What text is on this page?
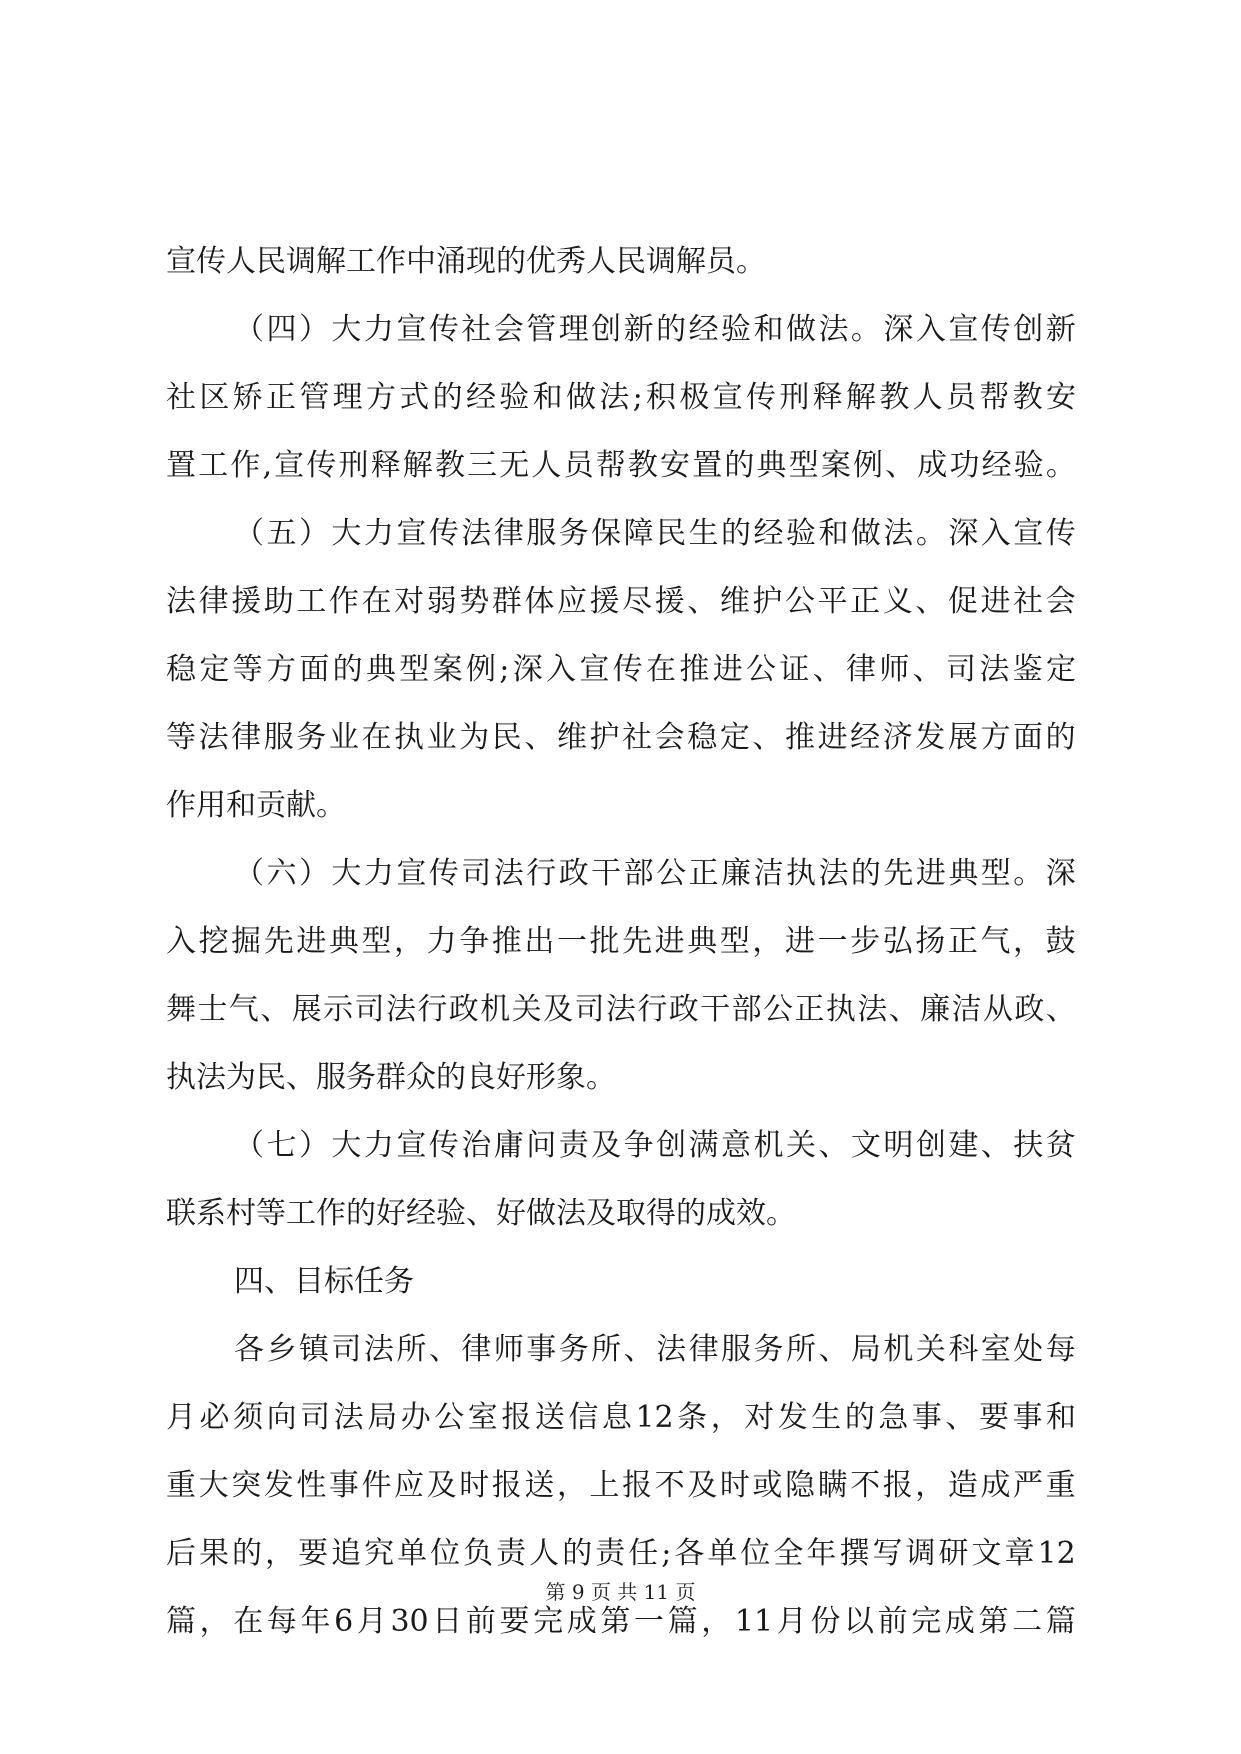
宣传人民调解工作中涌现的优秀人民调解员。
（ 四 ） 大 力 宣 传 社 会 管 理 创 新 的 经 验 和 做 法 。 深 入 宣 传 创 新
社 区 矫 正 管 理 方 式 的 经 验 和 做 法 ; 积 极 宣 传 刑 释 解 教 人 员 帮 教 安
置 工 作 , 宣 传 刑 释 解 教 三 无 人 员 帮 教 安 置 的 典 型 案 例 、 成 功 经 验 。
（ 五 ） 大 力 宣 传 法 律 服 务 保 障 民 生 的 经 验 和 做 法 。 深 入 宣 传
法 律 援 助 工 作 在 对 弱 势 群 体 应 援 尽 援 、 维 护 公 平 正 义 、 促 进 社 会
稳 定 等 方 面 的 典 型 案 例 ; 深 入 宣 传 在 推 进 公 证 、 律 师 、 司 法 鉴 定
等 法 律 服 务 业 在 执 业 为 民 、 维 护 社 会 稳 定 、 推 进 经 济 发 展 方 面 的
作用和贡献。
（ 六 ） 大 力 宣 传 司 法 行 政 干 部 公 正 廉 洁 执 法 的 先 进 典 型 。 深
入 挖 掘 先 进 典 型 ， 力 争 推 出 一 批 先 进 典 型 ， 进 一 步 弘 扬 正 气 ， 鼓
舞 士 气 、 展 示 司 法 行 政 机 关 及 司 法 行 政 干 部 公 正 执 法 、 廉 洁 从 政 、
执法为民、服务群众的良好形象。
（ 七 ） 大 力 宣 传 治 庸 问 责 及 争 创 满 意 机 关 、 文 明 创 建 、 扶 贫
联系村等工作的好经验、好做法及取得的成效。
四、目标任务
各 乡 镇 司 法 所 、 律 师 事 务 所 、 法 律 服 务 所 、 局 机 关 科 室 处 每
月 必 须 向 司 法 局 办 公 室 报 送 信 息 12 条 ， 对 发 生 的 急 事 、 要 事 和
重 大 突 发 性 事 件 应 及 时 报 送 ， 上 报 不 及 时 或 隐 瞒 不 报 ， 造 成 严 重
后 果 的 ， 要 追 究 单 位 负 责 人 的 责 任 ; 各 单 位 全 年 撰 写 调 研 文 章 12
篇 ， 在 每 年 6 月 30 日 前 要 完 成 第 一 篇 ， 11 月 份 以 前 完 成 第 二 篇
第 9 页 共 11 页
